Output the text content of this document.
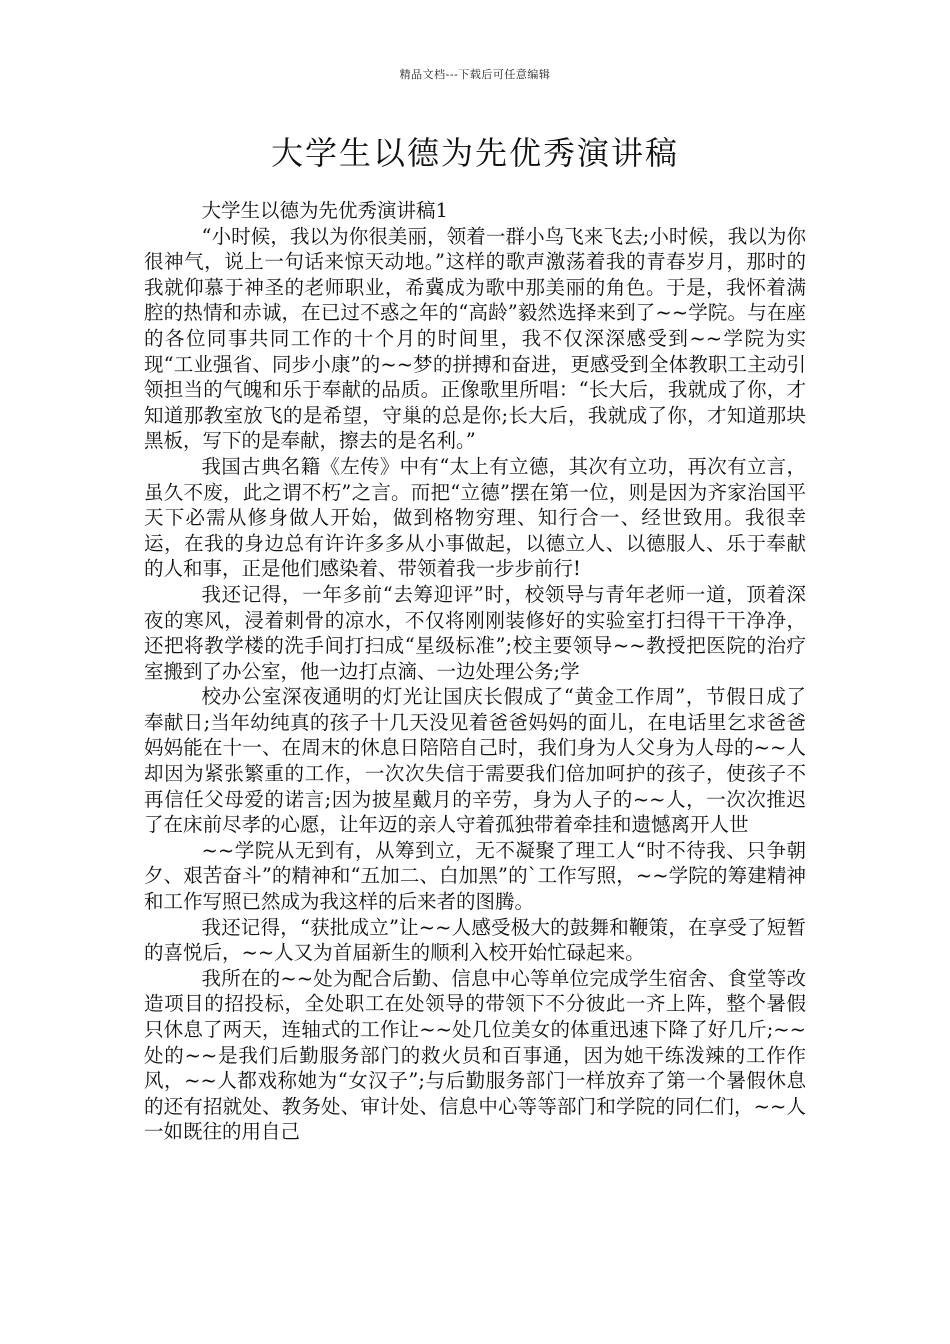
精品文档---下载后可任意编辑
大学生以德为先优秀演讲稿

大学生以德为先优秀演讲稿1

“小时候，我以为你很美丽，领着一群小鸟飞来飞去;小时候，我以为你很神气，说上一句话来惊天动地。”这样的歌声激荡着我的青春岁月，那时的我就仰慕于神圣的老师职业，希冀成为歌中那美丽的角色。于是，我怀着满腔的热情和赤诚，在已过不惑之年的“高龄”毅然选择来到了~~学院。与在座的各位同事共同工作的十个月的时间里，我不仅深深感受到~~学院为实现“工业强省、同步小康”的~~梦的拼搏和奋进，更感受到全体教职工主动引领担当的气魄和乐于奉献的品质。正像歌里所唱：“长大后，我就成了你，才知道那教室放飞的是希望，守巢的总是你;长大后，我就成了你，才知道那块黑板，写下的是奉献，擦去的是名利。”

我国古典名籍《左传》中有“太上有立德，其次有立功，再次有立言，虽久不废，此之谓不朽”之言。而把“立德”摆在第一位，则是因为齐家治国平天下必需从修身做人开始，做到格物穷理、知行合一、经世致用。我很幸运，在我的身边总有许许多多从小事做起，以德立人、以德服人、乐于奉献的人和事，正是他们感染着、带领着我一步步前行!

我还记得，一年多前“去筹迎评”时，校领导与青年老师一道，顶着深夜的寒风，浸着刺骨的凉水，不仅将刚刚装修好的实验室打扫得干干净净，还把将教学楼的洗手间打扫成“星级标准”;校主要领导~~教授把医院的治疗室搬到了办公室，他一边打点滴、一边处理公务;学

校办公室深夜通明的灯光让国庆长假成了“黄金工作周”，节假日成了奉献日;当年幼纯真的孩子十几天没见着爸爸妈妈的面儿，在电话里乞求爸爸妈妈能在十一、在周末的休息日陪陪自己时，我们身为人父身为人母的~~人却因为紧张繁重的工作，一次次失信于需要我们倍加呵护的孩子，使孩子不再信任父母爱的诺言;因为披星戴月的辛劳，身为人子的~~人，一次次推迟了在床前尽孝的心愿，让年迈的亲人守着孤独带着牵挂和遗憾离开人世

~~学院从无到有，从筹到立，无不凝聚了理工人“时不待我、只争朝夕、艰苦奋斗”的精神和“五加二、白加黑”的`工作写照，~~学院的筹建精神和工作写照已然成为我这样的后来者的图腾。

我还记得，“获批成立”让~~人感受极大的鼓舞和鞭策，在享受了短暂的喜悦后，~~人又为首届新生的顺利入校开始忙碌起来。

我所在的~~处为配合后勤、信息中心等单位完成学生宿舍、食堂等改造项目的招投标，全处职工在处领导的带领下不分彼此一齐上阵，整个暑假只休息了两天，连轴式的工作让~~处几位美女的体重迅速下降了好几斤;~~处的~~是我们后勤服务部门的救火员和百事通，因为她干练泼辣的工作作风，~~人都戏称她为“女汉子”;与后勤服务部门一样放弃了第一个暑假休息的还有招就处、教务处、审计处、信息中心等等部门和学院的同仁们，~~人一如既往的用自己
